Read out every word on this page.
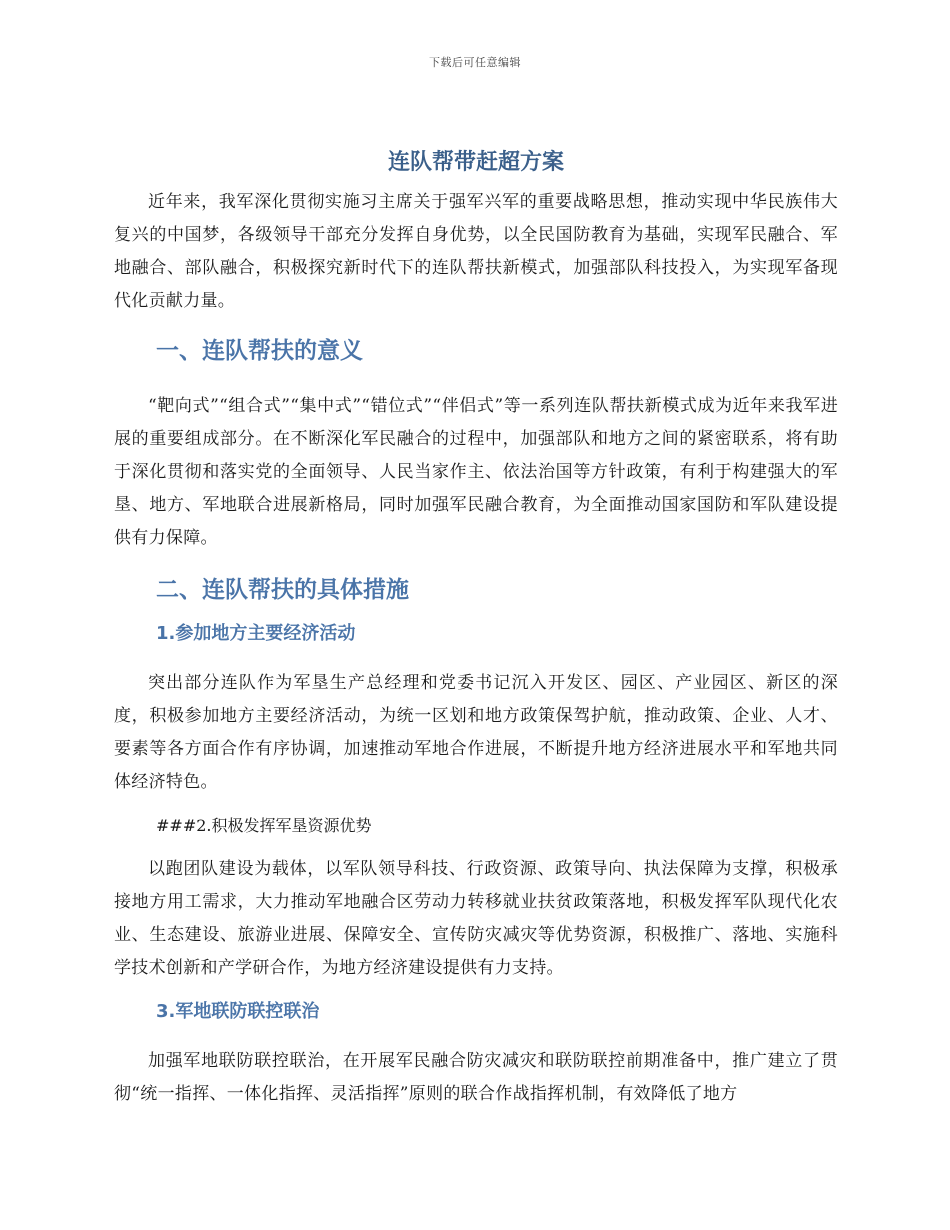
下载后可任意编辑
连队帮带赶超方案

近年来，我军深化贯彻实施习主席关于强军兴军的重要战略思想，推动实现中华民族伟大复兴的中国梦，各级领导干部充分发挥自身优势，以全民国防教育为基础，实现军民融合、军地融合、部队融合，积极探究新时代下的连队帮扶新模式，加强部队科技投入，为实现军备现代化贡献力量。

一、连队帮扶的意义

“靶向式”“组合式”“集中式”“错位式”“伴侣式”等一系列连队帮扶新模式成为近年来我军进展的重要组成部分。在不断深化军民融合的过程中，加强部队和地方之间的紧密联系，将有助于深化贯彻和落实党的全面领导、人民当家作主、依法治国等方针政策，有利于构建强大的军垦、地方、军地联合进展新格局，同时加强军民融合教育，为全面推动国家国防和军队建设提供有力保障。

二、连队帮扶的具体措施
1.参加地方主要经济活动

突出部分连队作为军垦生产总经理和党委书记沉入开发区、园区、产业园区、新区的深度，积极参加地方主要经济活动，为统一区划和地方政策保驾护航，推动政策、企业、人才、要素等各方面合作有序协调，加速推动军地合作进展，不断提升地方经济进展水平和军地共同体经济特色。

###2.积极发挥军垦资源优势

以跑团队建设为载体，以军队领导科技、行政资源、政策导向、执法保障为支撑，积极承接地方用工需求，大力推动军地融合区劳动力转移就业扶贫政策落地，积极发挥军队现代化农业、生态建设、旅游业进展、保障安全、宣传防灾减灾等优势资源，积极推广、落地、实施科学技术创新和产学研合作，为地方经济建设提供有力支持。

3.军地联防联控联治

加强军地联防联控联治，在开展军民融合防灾减灾和联防联控前期准备中，推广建立了贯彻“统一指挥、一体化指挥、灵活指挥”原则的联合作战指挥机制，有效降低了地方
